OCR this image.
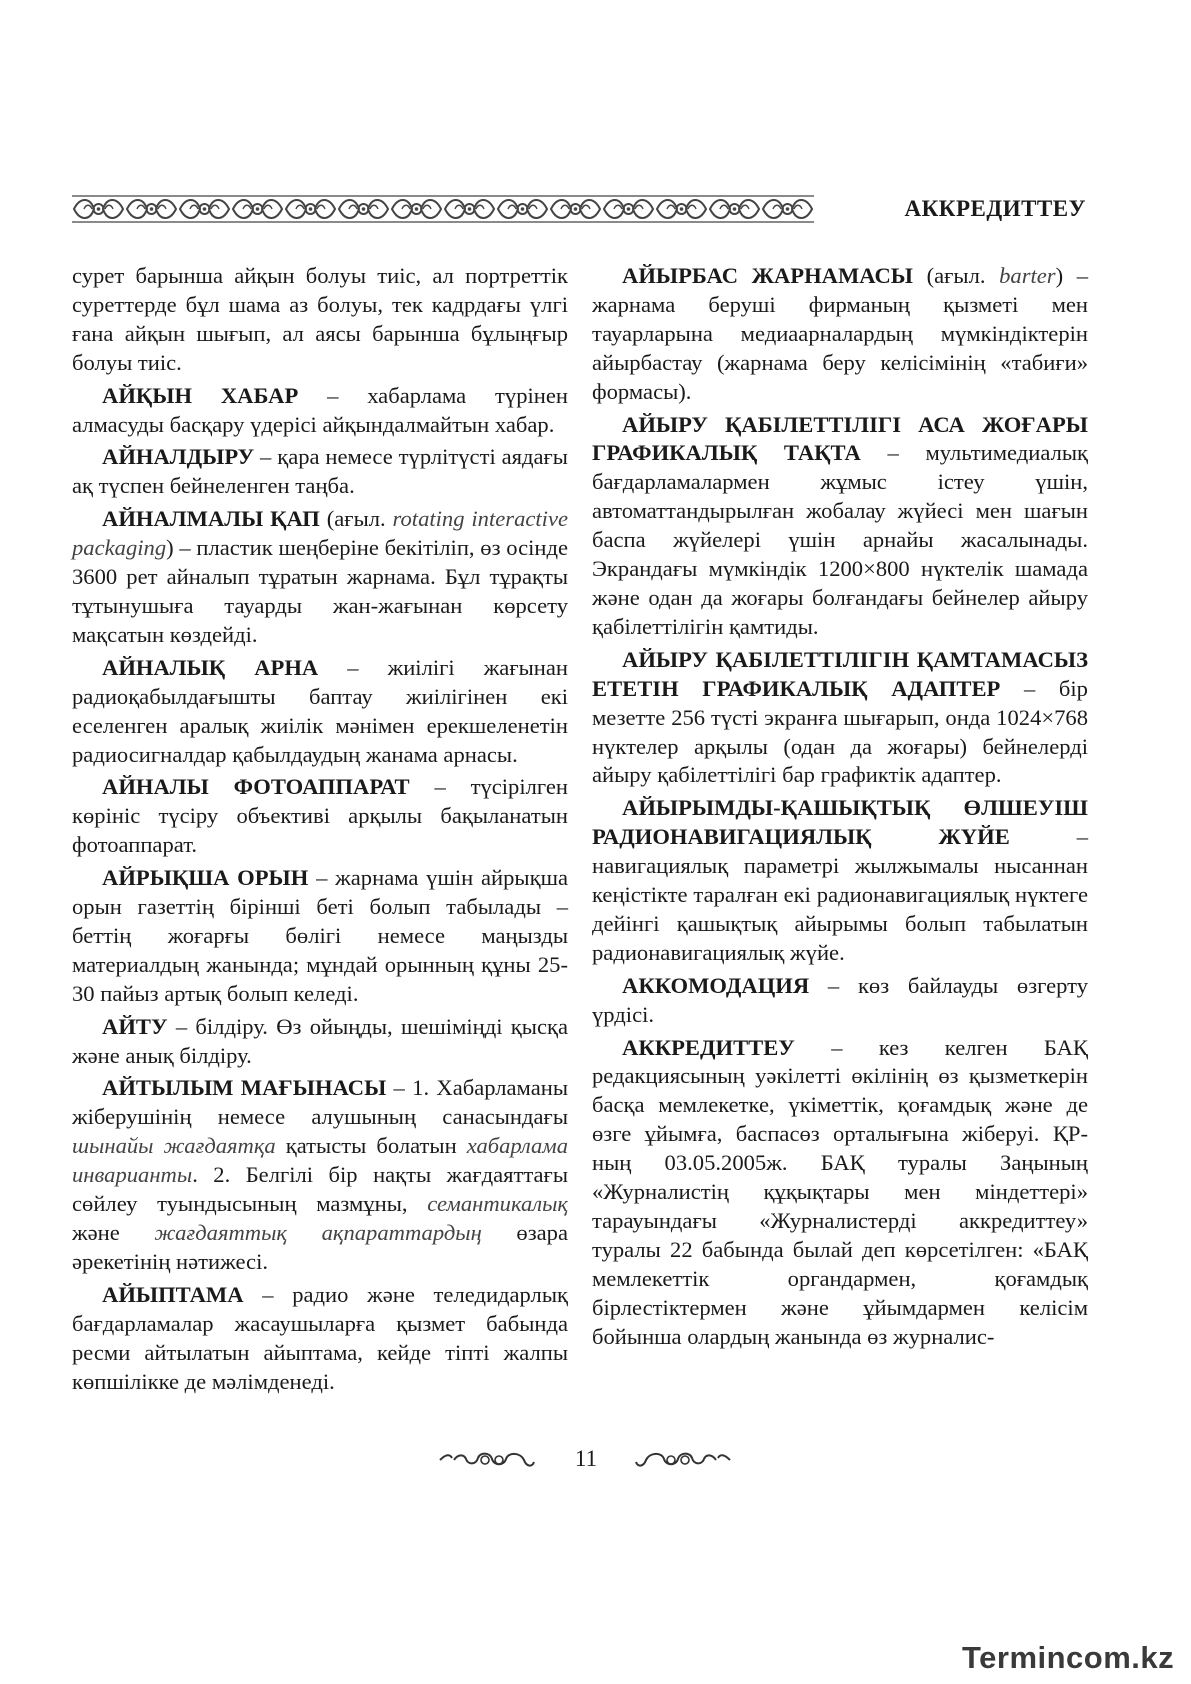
АККРЕДИТТЕУ

сурет барынша айқын болуы тиіс, ал портреттік суреттерде бұл шама аз болуы, тек кадрдағы үлгі ғана айқын шығып, ал аясы барынша бұлыңғыр болуы тиіс.

АЙҚЫН ХАБАР – хабарлама түрінен алмасуды басқару үдерісі айқындалмайтын хабар.

АЙНАЛДЫРУ – қара немесе түрлітүсті аядағы ақ түспен бейнеленген таңба.

АЙНАЛМАЛЫ ҚАП (ағыл. rotating interactive packaging) – пластик шеңберіне бекітіліп, өз осінде 3600 рет айналып тұратын жарнама. Бұл тұрақты тұтынушыға тауарды жан-жағынан көрсету мақсатын көздейді.

АЙНАЛЫҚ АРНА – жиілігі жағынан радиоқабылдағышты баптау жиілігінен екі еселенген аралық жиілік мәнімен ерекшеленетін радиосигналдар қабылдаудың жанама арнасы.

АЙНАЛЫ ФОТОАППАРАТ – түсірілген көрініс түсіру объективі арқылы бақыланатын фотоаппарат.

АЙРЫҚША ОРЫН – жарнама үшін айрықша орын газеттің бірінші беті болып табылады – беттің жоғарғы бөлігі немесе маңызды материалдың жанында; мұндай орынның құны 25-30 пайыз артық болып келеді.

АЙТУ – білдіру. Өз ойыңды, шешіміңді қысқа және анық білдіру.

АЙТЫЛЫМ МАҒЫНАСЫ – 1. Хабарламаны жіберушінің немесе алушының санасындағы шынайы жағдаятқа қатысты болатын хабарлама инварианты. 2. Белгілі бір нақты жағдаяттағы сөйлеу туындысының мазмұны, семантикалық және жағдаяттық ақпараттардың өзара әрекетінің нәтижесі.

АЙЫПТАМА – радио және теледидарлық бағдарламалар жасаушыларға қызмет бабында ресми айтылатын айыптама, кейде тіпті жалпы көпшілікке де мәлімденеді.

АЙЫРБАС ЖАРНАМАСЫ (ағыл. barter) – жарнама беруші фирманың қызметі мен тауарларына медиаарналардың мүмкіндіктерін айырбастау (жарнама беру келісімінің «табиғи» формасы).

АЙЫРУ ҚАБІЛЕТТІЛІГІ АСА ЖОҒАРЫ ГРАФИКАЛЫҚ ТАҚТА – мультимедиалық бағдарламалармен жұмыс істеу үшін, автоматтандырылған жобалау жүйесі мен шағын баспа жүйелері үшін арнайы жасалынады. Экрандағы мүмкіндік 1200×800 нүктелік шамада және одан да жоғары болғандағы бейнелер айыру қабілеттілігін қамтиды.

АЙЫРУ ҚАБІЛЕТТІЛІГІН ҚАМТАМАСЫЗ ЕТЕТІН ГРАФИКАЛЫҚ АДАПТЕР – бір мезетте 256 түсті экранға шығарып, онда 1024×768 нүктелер арқылы (одан да жоғары) бейнелерді айыру қабілеттілігі бар графиктік адаптер.

АЙЫРЫМДЫ-ҚАШЫҚТЫҚ ӨЛШЕУІШ РАДИОНАВИГАЦИЯЛЫҚ ЖҮЙЕ – навигациялық параметрі жылжымалы нысаннан кеңістікте таралған екі радионавигациялық нүктеге дейінгі қашықтық айырымы болып табылатын радионавигациялық жүйе.

АККОМОДАЦИЯ – көз байлауды өзгерту үрдісі.

АККРЕДИТТЕУ – кез келген БАҚ редакциясының уәкілетті өкілінің өз қызметкерін басқа мемлекетке, үкіметтік, қоғамдық және де өзге ұйымға, баспасөз орталығына жіберуі. ҚР-ның 03.05.2005ж. БАҚ туралы Заңының «Журналистің құқықтары мен міндеттері» тарауындағы «Журналистерді аккредиттеу» туралы 22 бабында былай деп көрсетілген: «БАҚ мемлекеттік органдармен, қоғамдық бірлестіктермен және ұйымдармен келісім бойынша олардың жанында өз журналис-

11
Termincom.kz
